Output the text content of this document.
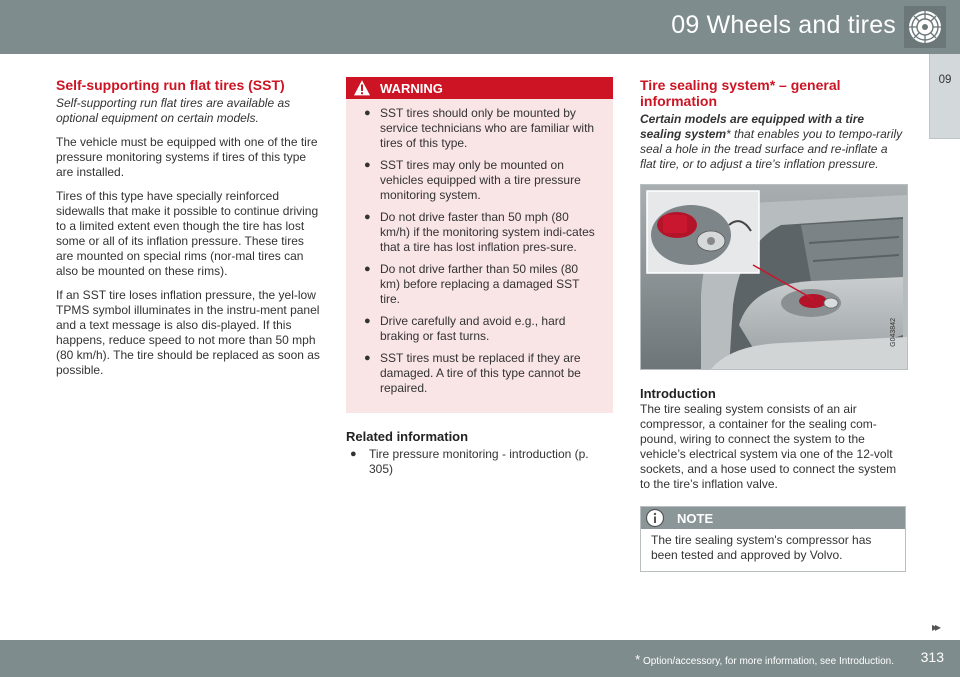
09 Wheels and tires
09
Self-supporting run flat tires (SST)

Self-supporting run flat tires are available as optional equipment on certain models.

The vehicle must be equipped with one of the tire pressure monitoring systems if tires of this type are installed.

Tires of this type have specially reinforced sidewalls that make it possible to continue driving to a limited extent even though the tire has lost some or all of its inflation pressure. These tires are mounted on special rims (nor-mal tires can also be mounted on these rims).

If an SST tire loses inflation pressure, the yel-low TPMS symbol illuminates in the instru-ment panel and a text message is also dis-played. If this happens, reduce speed to not more than 50 mph (80 km/h). The tire should be replaced as soon as possible.

WARNING
● SST tires should only be mounted by service technicians who are familiar with tires of this type.
● SST tires may only be mounted on vehicles equipped with a tire pressure monitoring system.
● Do not drive faster than 50 mph (80 km/h) if the monitoring system indi-cates that a tire has lost inflation pres-sure.
● Do not drive farther than 50 miles (80 km) before replacing a damaged SST tire.
● Drive carefully and avoid e.g., hard braking or fast turns.
● SST tires must be replaced if they are damaged. A tire of this type cannot be repaired.
Related information
● Tire pressure monitoring - introduction (p. 305)
Tire sealing system* – general information

Certain models are equipped with a tire sealing system* that enables you to tempo-rarily seal a hole in the tread surface and re-inflate a flat tire, or to adjust a tire’s inflation pressure.

G043842
Introduction

The tire sealing system consists of an air compressor, a container for the sealing com-pound, wiring to connect the system to the vehicle’s electrical system via one of the 12-volt sockets, and a hose used to connect the system to the tire’s inflation valve.

NOTE
The tire sealing system's compressor has been tested and approved by Volvo.
▸▸
* Option/accessory, for more information, see Introduction. 313
